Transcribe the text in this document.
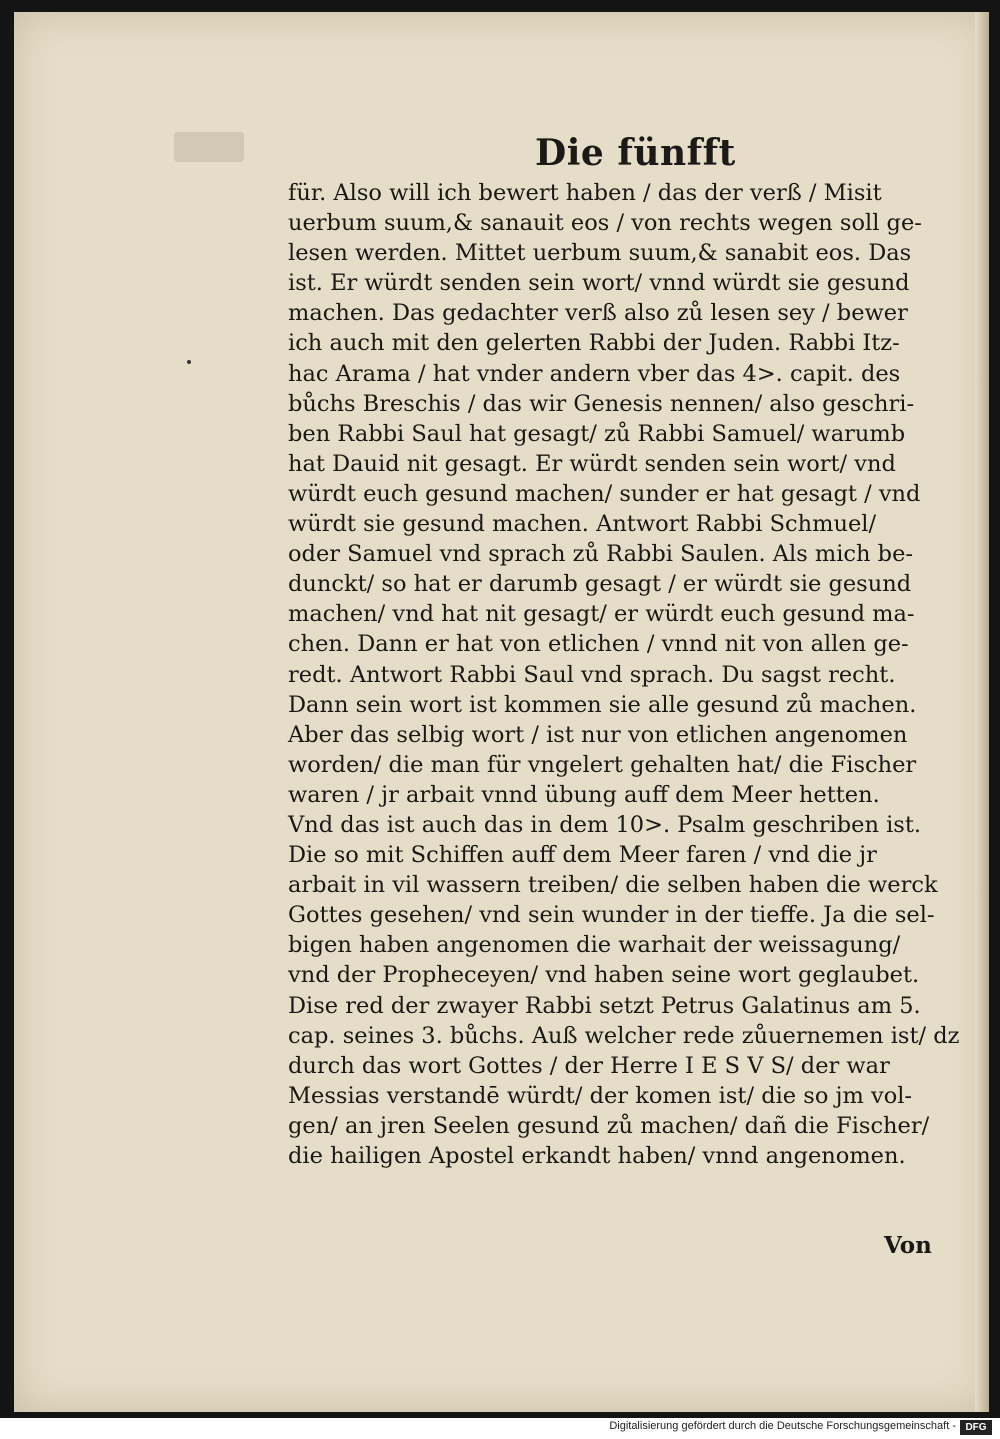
Die fünfft
für. Also will ich bewert haben / das der verß / Misit
uerbum suum,& sanauit eos / von rechts wegen soll ge-
lesen werden. Mittet uerbum suum,& sanabit eos. Das
ist. Er würdt senden sein wort/ vnnd würdt sie gesund
machen. Das gedachter verß also zů lesen sey / bewer
ich auch mit den gelerten Rabbi der Juden. Rabbi Itz-
hac Arama / hat vnder andern vber das 4>. capit. des
bůchs Breschis / das wir Genesis nennen/ also geschri-
ben Rabbi Saul hat gesagt/ zů Rabbi Samuel/ warumb
hat Dauid nit gesagt. Er würdt senden sein wort/ vnd
würdt euch gesund machen/ sunder er hat gesagt / vnd
würdt sie gesund machen. Antwort Rabbi Schmuel/
oder Samuel vnd sprach zů Rabbi Saulen. Als mich be-
dunckt/ so hat er darumb gesagt / er würdt sie gesund
machen/ vnd hat nit gesagt/ er würdt euch gesund ma-
chen. Dann er hat von etlichen / vnnd nit von allen ge-
redt. Antwort Rabbi Saul vnd sprach. Du sagst recht.
Dann sein wort ist kommen sie alle gesund zů machen.
Aber das selbig wort / ist nur von etlichen angenomen
worden/ die man für vngelert gehalten hat/ die Fischer
waren / jr arbait vnnd übung auff dem Meer hetten.
Vnd das ist auch das in dem 10>. Psalm geschriben ist.
Die so mit Schiffen auff dem Meer faren / vnd die jr
arbait in vil wassern treiben/ die selben haben die werck
Gottes gesehen/ vnd sein wunder in der tieffe. Ja die sel-
bigen haben angenomen die warhait der weissagung/
vnd der Propheceyen/ vnd haben seine wort geglaubet.
Dise red der zwayer Rabbi setzt Petrus Galatinus am 5.
cap. seines 3. bůchs. Auß welcher rede zůuernemen ist/ dz
durch das wort Gottes / der Herre I E S V S/ der war
Messias verstandē würdt/ der komen ist/ die so jm vol-
gen/ an jren Seelen gesund zů machen/ dañ die Fischer/
die hailigen Apostel erkandt haben/ vnnd angenomen.
Von
Digitalisierung gefördert durch die Deutsche Forschungsgemeinschaft - DFG
